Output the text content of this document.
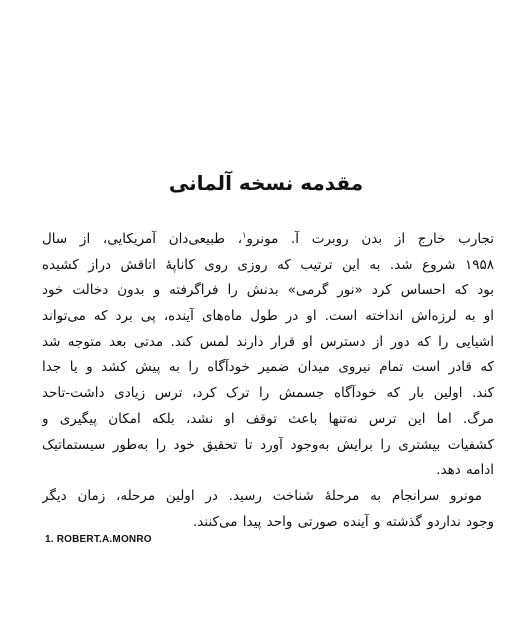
مقدمه نسخه آلمانی
تجارب خارج از بدن روبرت آ. مونرو$^۱$، طبیعی‌دان آمریکایی، از سال
۱۹۵۸ شروع شد. به این ترتیب که روزی روی کاناپهٔ اتاقش دراز کشیده
بود که احساس کرد «نور گرمی» بدنش را فراگرفته و بدون دخالت خود
او به لرزه‌اش انداخته است. او در طول ماه‌های آینده، پی برد که می‌تواند
اشیایی را که دور از دسترس او قرار دارند لمس کند. مدتی بعد متوجه شد
که قادر است تمام نیروی میدان ضمیر خودآگاه را به پیش کشد و یا جدا
کند. اولین بار که خودآگاه جسمش را ترک کرد، ترس زیادی داشت-تاحد
مرگ. اما این ترس نه‌تنها باعث توقف او نشد، بلکه امکان پیگیری و
کشفیات بیشتری را برایش به‌وجود آورد تا تحقیق خود را به‌طور سیستماتیک
ادامه دهد.
مونرو سرانجام به مرحلهٔ شناخت رسید. در اولین مرحله، زمان دیگر
وجود نداردو گذشته و آینده صورتی واحد پیدا می‌کنند.
1. ROBERT.A.MONRO
